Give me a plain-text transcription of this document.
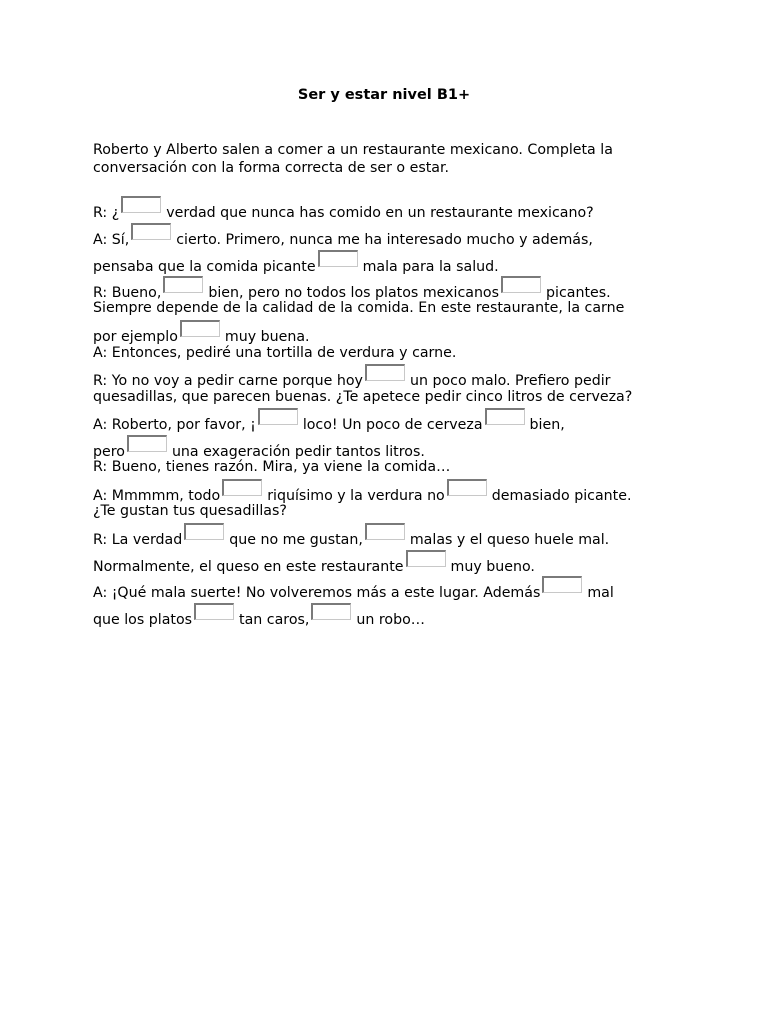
Ser y estar nivel B1+
Roberto y Alberto salen a comer a un restaurante mexicano. Completa la
conversación con la forma correcta de ser o estar.
R: ¿	verdad que nunca has comido en un restaurante mexicano?
A: Sí,	cierto. Primero, nunca me ha interesado mucho y además,
pensaba que la comida picante	mala para la salud.
R: Bueno,	bien, pero no todos los platos mexicanos	picantes.
Siempre depende de la calidad de la comida. En este restaurante, la carne
por ejemplo	muy buena.
A: Entonces, pediré una tortilla de verdura y carne.
R: Yo no voy a pedir carne porque hoy	un poco malo. Prefiero pedir
quesadillas, que parecen buenas. ¿Te apetece pedir cinco litros de cerveza?
A: Roberto, por favor, ¡	loco! Un poco de cerveza	bien,
pero	una exageración pedir tantos litros.
R: Bueno, tienes razón. Mira, ya viene la comida…
A: Mmmmm, todo	riquísimo y la verdura no	demasiado picante.
¿Te gustan tus quesadillas?
R: La verdad	que no me gustan,	malas y el queso huele mal.
Normalmente, el queso en este restaurante	muy bueno.
A: ¡Qué mala suerte! No volveremos más a este lugar. Además	mal
que los platos	tan caros,	un robo…
